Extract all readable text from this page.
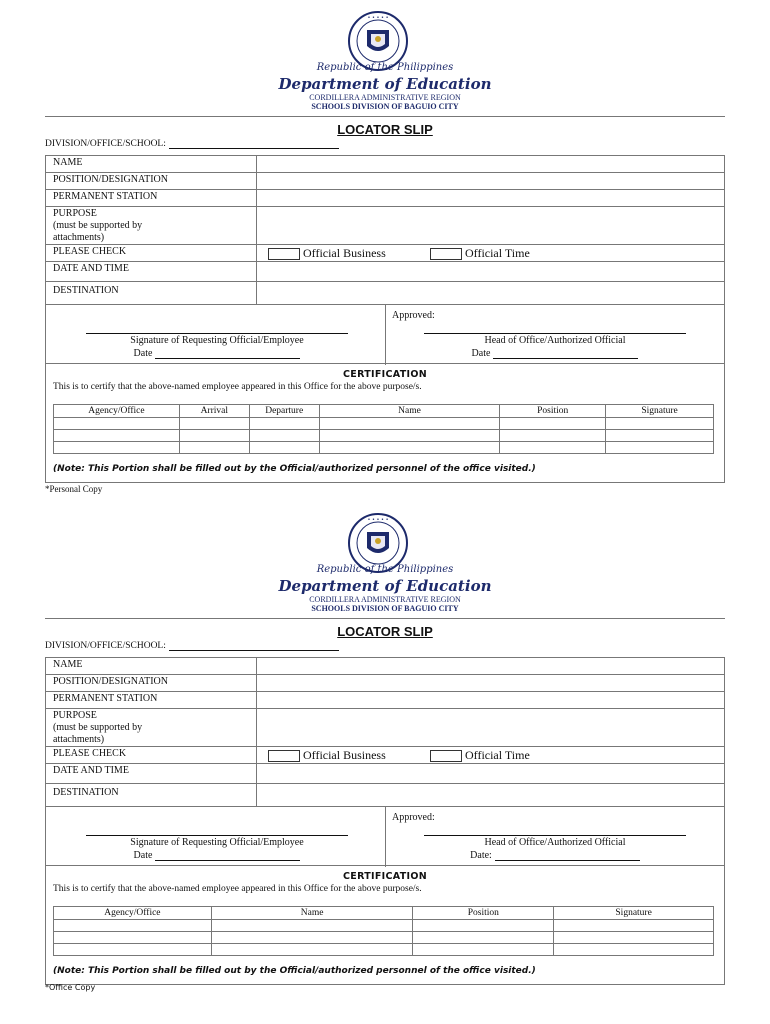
• • • • •
Republic of the Philippines
Department of Education
CORDILLERA ADMINISTRATIVE REGION
SCHOOLS DIVISION OF BAGUIO CITY
LOCATOR SLIP
DIVISION/OFFICE/SCHOOL:
NAME
POSITION/DESIGNATION
PERMANENT STATION
PURPOSE
(must be supported by
attachments)
PLEASE CHECK	Official Business	Official Time
DATE AND TIME
DESTINATION
Approved:
Signature of Requesting Official/Employee	Head of Office/Authorized Official
Date	Date
CERTIFICATION
This is to certify that the above-named employee appeared in this Office for the above purpose/s.
Agency/Office	Arrival	Departure	Name	Position	Signature

(Note: This Portion shall be filled out by the Official/authorized personnel of the office visited.)
*Personal Copy
• • • • •
Republic of the Philippines
Department of Education
CORDILLERA ADMINISTRATIVE REGION
SCHOOLS DIVISION OF BAGUIO CITY
LOCATOR SLIP
DIVISION/OFFICE/SCHOOL:
NAME
POSITION/DESIGNATION
PERMANENT STATION
PURPOSE
(must be supported by
attachments)
PLEASE CHECK	Official Business	Official Time
DATE AND TIME
DESTINATION
Approved:
Signature of Requesting Official/Employee	Head of Office/Authorized Official
Date	Date:
CERTIFICATION
This is to certify that the above-named employee appeared in this Office for the above purpose/s.
Agency/Office	Name	Position	Signature

(Note: This Portion shall be filled out by the Official/authorized personnel of the office visited.)
*Office Copy
